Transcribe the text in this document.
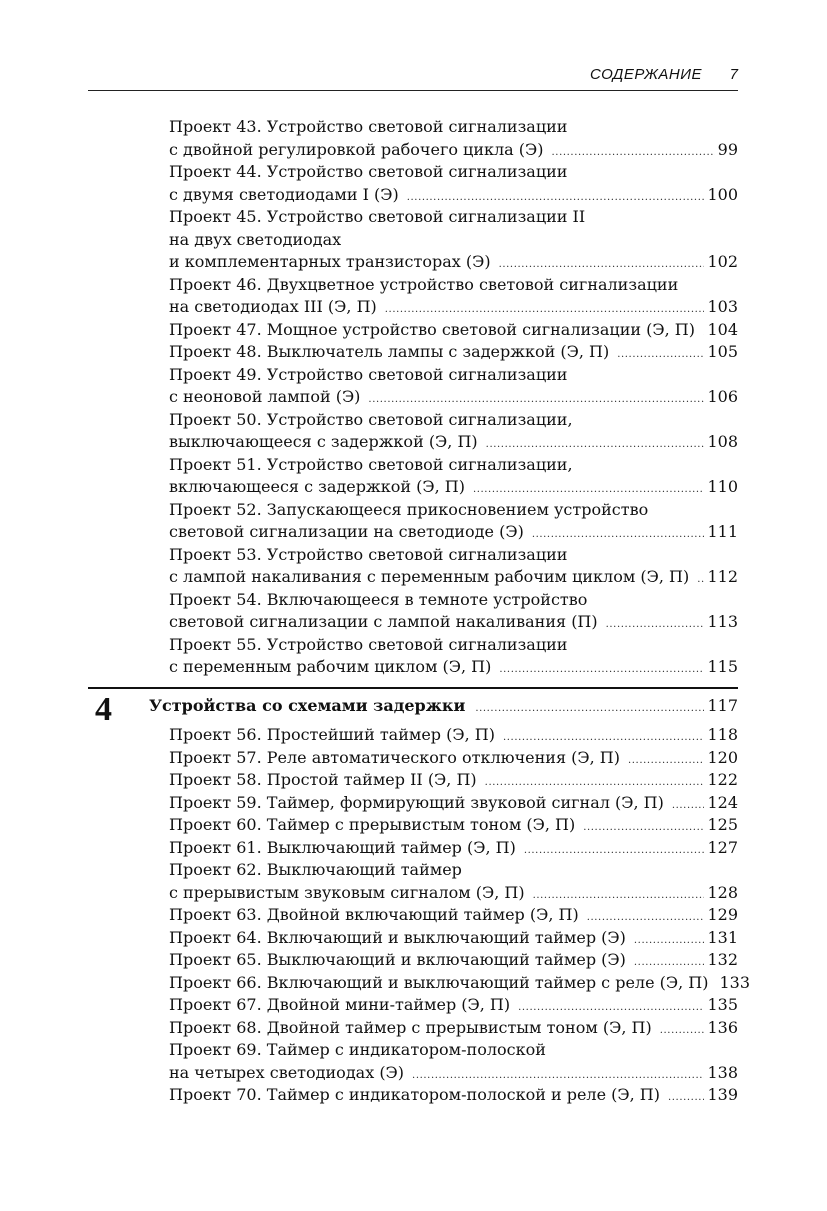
СОДЕРЖАНИЕ 7
Проект 43. Устройство световой сигнализации
с двойной регулировкой рабочего цикла (Э) .....	99
Проект 44. Устройство световой сигнализации
с двумя светодиодами I (Э) .....	100
Проект 45. Устройство световой сигнализации II
на двух светодиодах
и комплементарных транзисторах (Э) .....	102
Проект 46. Двухцветное устройство световой сигнализации
на светодиодах III (Э, П) .....	103
Проект 47. Мощное устройство световой сигнализации (Э, П) ..... 104
Проект 48. Выключатель лампы с задержкой (Э, П) .....	105
Проект 49. Устройство световой сигнализации
с неоновой лампой (Э) .....	106
Проект 50. Устройство световой сигнализации,
выключающееся с задержкой (Э, П) .....	108
Проект 51. Устройство световой сигнализации,
включающееся с задержкой (Э, П) .....	110
Проект 52. Запускающееся прикосновением устройство
световой сигнализации на светодиоде (Э) .....	111
Проект 53. Устройство световой сигнализации
с лампой накаливания с переменным рабочим циклом (Э, П) ..... 112
Проект 54. Включающееся в темноте устройство
световой сигнализации с лампой накаливания (П) .....	113
Проект 55. Устройство световой сигнализации
с переменным рабочим циклом (Э, П) .....	115
4 Устройства со схемами задержки .....	117
Проект 56. Простейший таймер (Э, П) .....	118
Проект 57. Реле автоматического отключения (Э, П) .....	120
Проект 58. Простой таймер II (Э, П) .....	122
Проект 59. Таймер, формирующий звуковой сигнал (Э, П) .....	124
Проект 60. Таймер с прерывистым тоном (Э, П) .....	125
Проект 61. Выключающий таймер (Э, П) .....	127
Проект 62. Выключающий таймер
с прерывистым звуковым сигналом (Э, П) .....	128
Проект 63. Двойной включающий таймер (Э, П) .....	129
Проект 64. Включающий и выключающий таймер (Э) .....	131
Проект 65. Выключающий и включающий таймер (Э) .....	132
Проект 66. Включающий и выключающий таймер с реле (Э, П) 133
Проект 67. Двойной мини-таймер (Э, П) .....	135
Проект 68. Двойной таймер с прерывистым тоном (Э, П) .....	136
Проект 69. Таймер с индикатором-полоской
на четырех светодиодах (Э) .....	138
Проект 70. Таймер с индикатором-полоской и реле (Э, П) .....	139
